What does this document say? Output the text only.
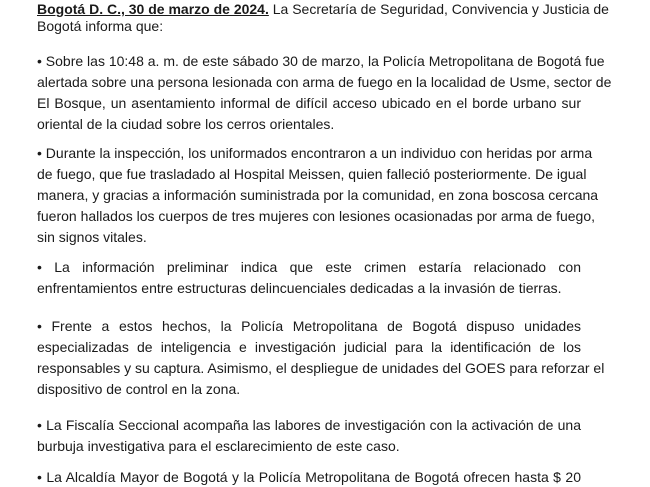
Bogotá D. C., 30 de marzo de 2024. La Secretaría de Seguridad, Convivencia y Justicia de
Bogotá informa que:
• Sobre las 10:48 a. m. de este sábado 30 de marzo, la Policía Metropolitana de Bogotá fue
alertada sobre una persona lesionada con arma de fuego en la localidad de Usme, sector de
El Bosque, un asentamiento informal de difícil acceso ubicado en el borde urbano sur
oriental de la ciudad sobre los cerros orientales.
• Durante la inspección, los uniformados encontraron a un individuo con heridas por arma
de fuego, que fue trasladado al Hospital Meissen, quien falleció posteriormente. De igual
manera, y gracias a información suministrada por la comunidad, en zona boscosa cercana
fueron hallados los cuerpos de tres mujeres con lesiones ocasionadas por arma de fuego,
sin signos vitales.
• La información preliminar indica que este crimen estaría relacionado con
enfrentamientos entre estructuras delincuenciales dedicadas a la invasión de tierras.
• Frente a estos hechos, la Policía Metropolitana de Bogotá dispuso unidades
especializadas de inteligencia e investigación judicial para la identificación de los
responsables y su captura. Asimismo, el despliegue de unidades del GOES para reforzar el
dispositivo de control en la zona.
• La Fiscalía Seccional acompaña las labores de investigación con la activación de una
burbuja investigativa para el esclarecimiento de este caso.
• La Alcaldía Mayor de Bogotá y la Policía Metropolitana de Bogotá ofrecen hasta $ 20
